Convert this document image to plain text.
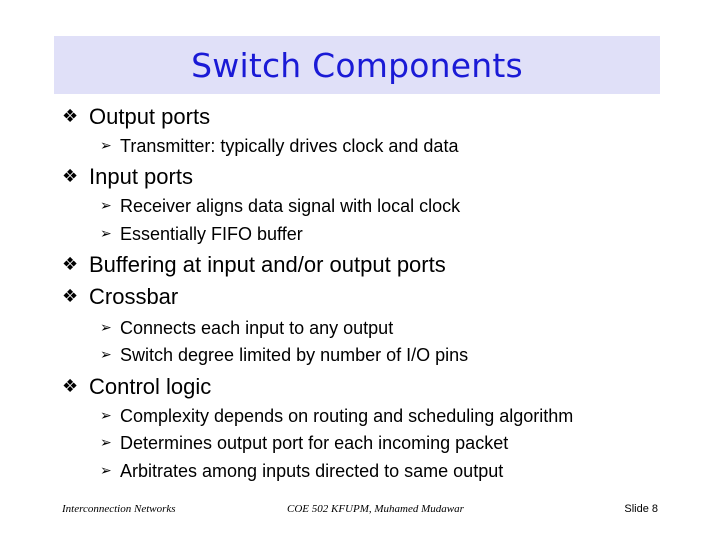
Switch Components
❖ Output ports
➢ Transmitter: typically drives clock and data
❖ Input ports
➢ Receiver aligns data signal with local clock
➢ Essentially FIFO buffer
❖ Buffering at input and/or output ports
❖ Crossbar
➢ Connects each input to any output
➢ Switch degree limited by number of I/O pins
❖ Control logic
➢ Complexity depends on routing and scheduling algorithm
➢ Determines output port for each incoming packet
➢ Arbitrates among inputs directed to same output
Interconnection Networks	COE 502 KFUPM, Muhamed Mudawar	Slide 8
